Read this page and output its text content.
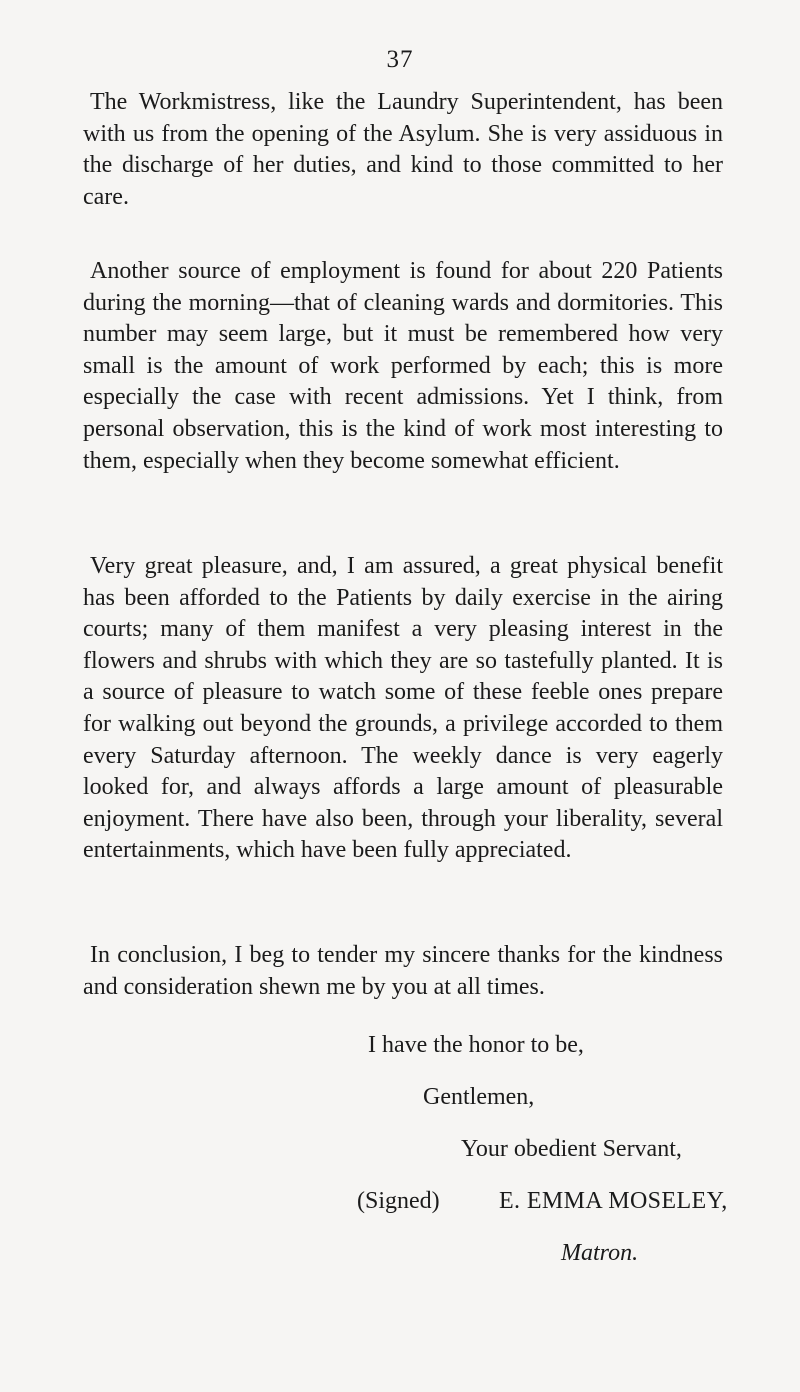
37

The Workmistress, like the Laundry Superintendent, has been with us from the opening of the Asylum. She is very assiduous in the discharge of her duties, and kind to those committed to her care.

Another source of employment is found for about 220 Patients during the morning—that of cleaning wards and dormitories. This number may seem large, but it must be remembered how very small is the amount of work performed by each; this is more especially the case with recent admissions. Yet I think, from personal observation, this is the kind of work most interesting to them, especially when they become somewhat efficient.

Very great pleasure, and, I am assured, a great physical benefit has been afforded to the Patients by daily exercise in the airing courts; many of them manifest a very pleasing interest in the flowers and shrubs with which they are so tastefully planted. It is a source of pleasure to watch some of these feeble ones prepare for walking out beyond the grounds, a privilege accorded to them every Saturday afternoon. The weekly dance is very eagerly looked for, and always affords a large amount of pleasurable enjoyment. There have also been, through your liberality, several entertainments, which have been fully appreciated.

In conclusion, I beg to tender my sincere thanks for the kindness and consideration shewn me by you at all times.

I have the honor to be,
Gentlemen,
Your obedient Servant,
(Signed) E. EMMA MOSELEY,
Matron.
